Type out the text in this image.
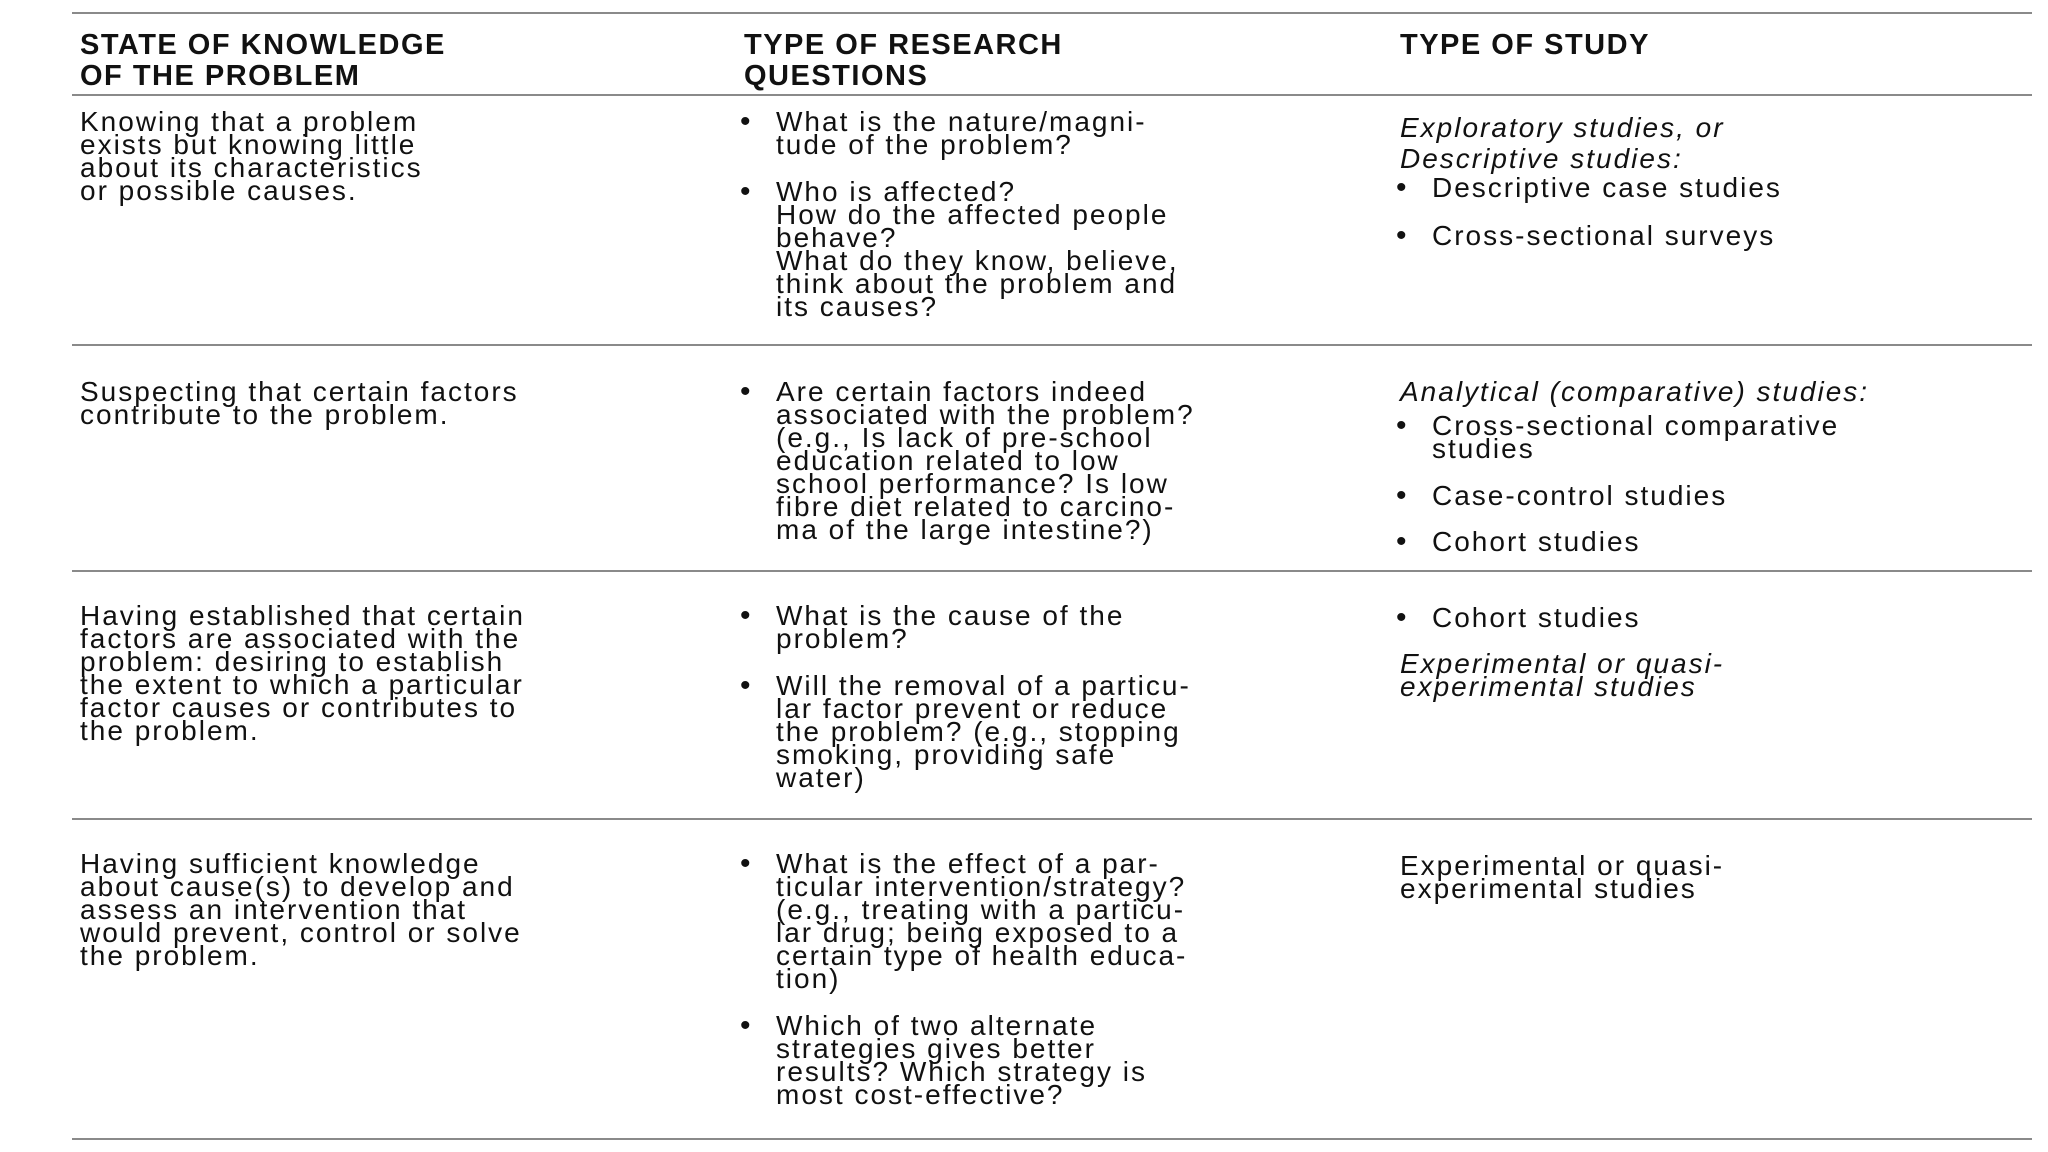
STATE OF KNOWLEDGE
OF THE PROBLEM
TYPE OF RESEARCH
QUESTIONS
TYPE OF STUDY
Knowing that a problem
exists but knowing little
about its characteristics
or possible causes.
• What is the nature/magni-
tude of the problem?
• Who is affected?
How do the affected people
behave?
What do they know, believe,
think about the problem and
its causes?
Exploratory studies, or
Descriptive studies:
• Descriptive case studies
• Cross-sectional surveys
Suspecting that certain factors
contribute to the problem.
• Are certain factors indeed
associated with the problem?
(e.g., Is lack of pre-school
education related to low
school performance? Is low
fibre diet related to carcino-
ma of the large intestine?)
Analytical (comparative) studies:
• Cross-sectional comparative
studies
• Case-control studies
• Cohort studies
Having established that certain
factors are associated with the
problem: desiring to establish
the extent to which a particular
factor causes or contributes to
the problem.
• What is the cause of the
problem?
• Will the removal of a particu-
lar factor prevent or reduce
the problem? (e.g., stopping
smoking, providing safe
water)
• Cohort studies
Experimental or quasi-
experimental studies
Having sufficient knowledge
about cause(s) to develop and
assess an intervention that
would prevent, control or solve
the problem.
• What is the effect of a par-
ticular intervention/strategy?
(e.g., treating with a particu-
lar drug; being exposed to a
certain type of health educa-
tion)
• Which of two alternate
strategies gives better
results? Which strategy is
most cost-effective?
Experimental or quasi-
experimental studies
